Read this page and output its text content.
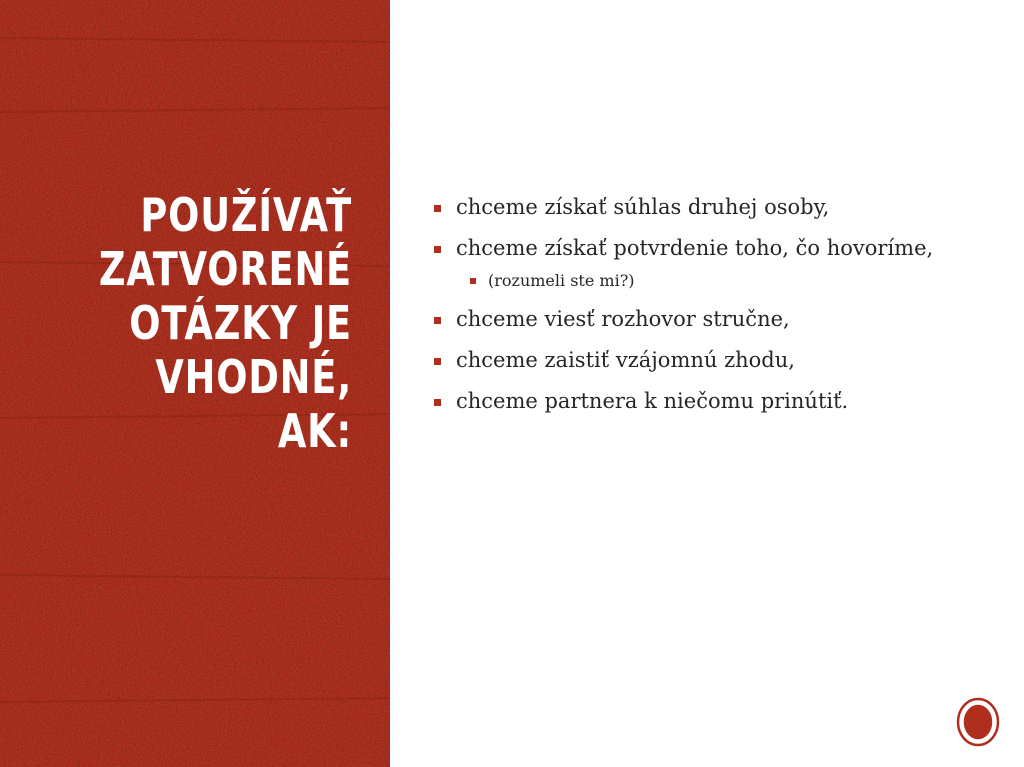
POUŽÍVAŤ
ZATVORENÉ
OTÁZKY JE
VHODNÉ,
AK:
chceme získať súhlas druhej osoby,
chceme získať potvrdenie toho, čo hovoríme,
(rozumeli ste mi?)
chceme viesť rozhovor stručne,
chceme zaistiť vzájomnú zhodu,
chceme partnera k niečomu prinútiť.
